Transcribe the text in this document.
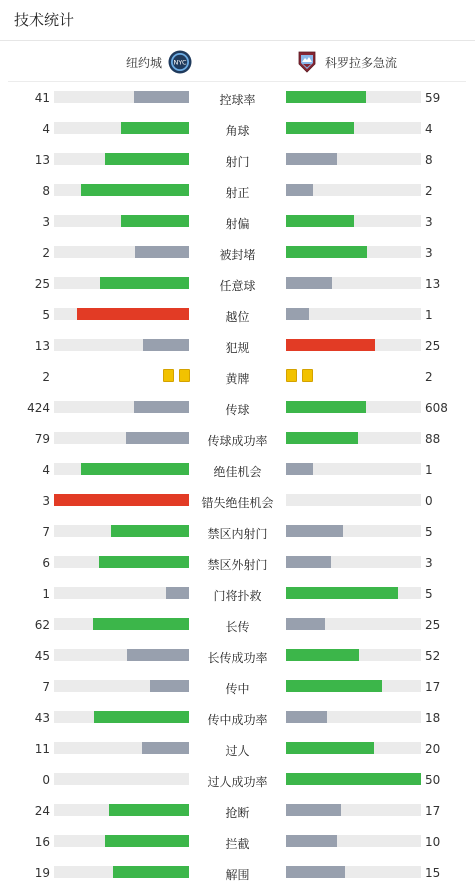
技术统计
纽约城 NYC	科罗拉多急流
41	控球率	59
4	角球	4
13	射门	8
8	射正	2
3	射偏	3
2	被封堵	3
25	任意球	13
5	越位	1
13	犯规	25
2	黄牌	2
424	传球	608
79	传球成功率	88
4	绝佳机会	1
3	错失绝佳机会	0
7	禁区内射门	5
6	禁区外射门	3
1	门将扑救	5
62	长传	25
45	长传成功率	52
7	传中	17
43	传中成功率	18
11	过人	20
0	过人成功率	50
24	抢断	17
16	拦截	10
19	解围	15
